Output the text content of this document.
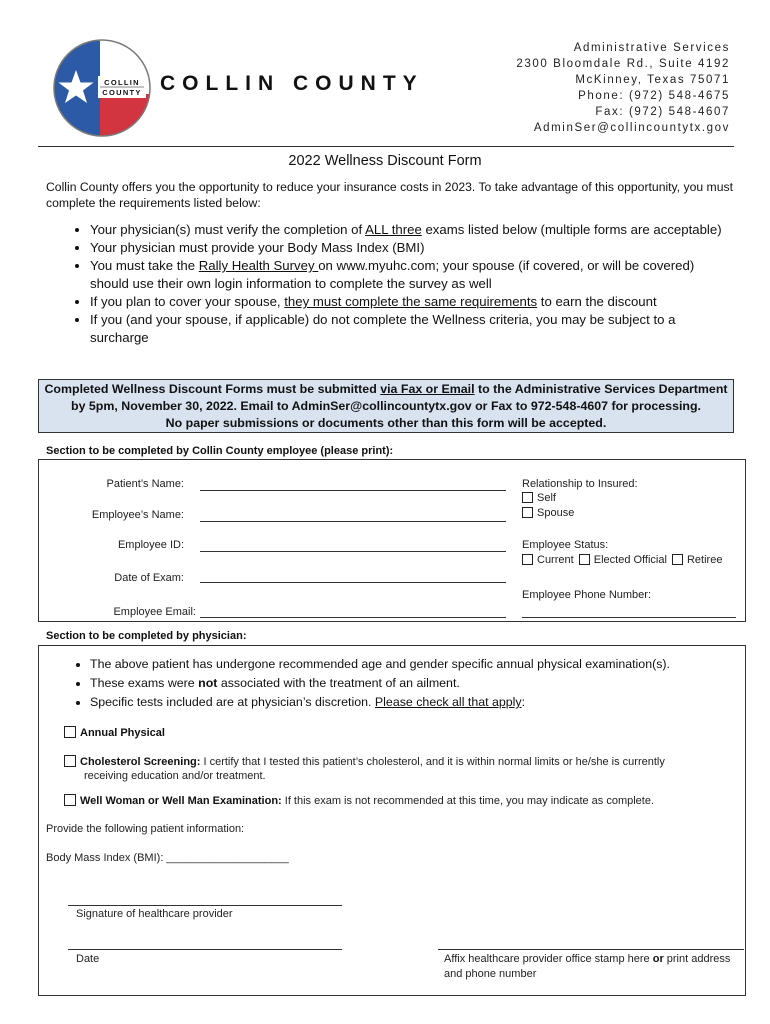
COLLIN
COUNTY COLLIN COUNTY
Administrative Services
2300 Bloomdale Rd., Suite 4192
McKinney, Texas 75071
Phone: (972) 548-4675
Fax: (972) 548-4607
AdminSer@collincountytx.gov
2022 Wellness Discount Form
Collin County offers you the opportunity to reduce your insurance costs in 2023. To take advantage of this opportunity, you must complete the requirements listed below:
• Your physician(s) must verify the completion of ALL three exams listed below (multiple forms are acceptable)
• Your physician must provide your Body Mass Index (BMI)
• You must take the Rally Health Survey on www.myuhc.com; your spouse (if covered, or will be covered) should use their own login information to complete the survey as well
• If you plan to cover your spouse, they must complete the same requirements to earn the discount
• If you (and your spouse, if applicable) do not complete the Wellness criteria, you may be subject to a surcharge
Completed Wellness Discount Forms must be submitted via Fax or Email to the Administrative Services Department
by 5pm, November 30, 2022. Email to AdminSer@collincountytx.gov or Fax to 972-548-4607 for processing.
No paper submissions or documents other than this form will be accepted.
Section to be completed by Collin County employee (please print):
Patient’s Name:
Employee’s Name:
Employee ID:
Date of Exam:
Employee Email:
Relationship to Insured:
Self
Spouse
Employee Status:
Current Elected Official Retiree
Employee Phone Number:
Section to be completed by physician:
• The above patient has undergone recommended age and gender specific annual physical examination(s).
• These exams were not associated with the treatment of an ailment.
• Specific tests included are at physician’s discretion. Please check all that apply:
Annual Physical
Cholesterol Screening: I certify that I tested this patient’s cholesterol, and it is within normal limits or he/she is currently
receiving education and/or treatment.
Well Woman or Well Man Examination: If this exam is not recommended at this time, you may indicate as complete.
Provide the following patient information:
Body Mass Index (BMI): ____________________
Signature of healthcare provider
Date	Affix healthcare provider office stamp here or print address and phone number
